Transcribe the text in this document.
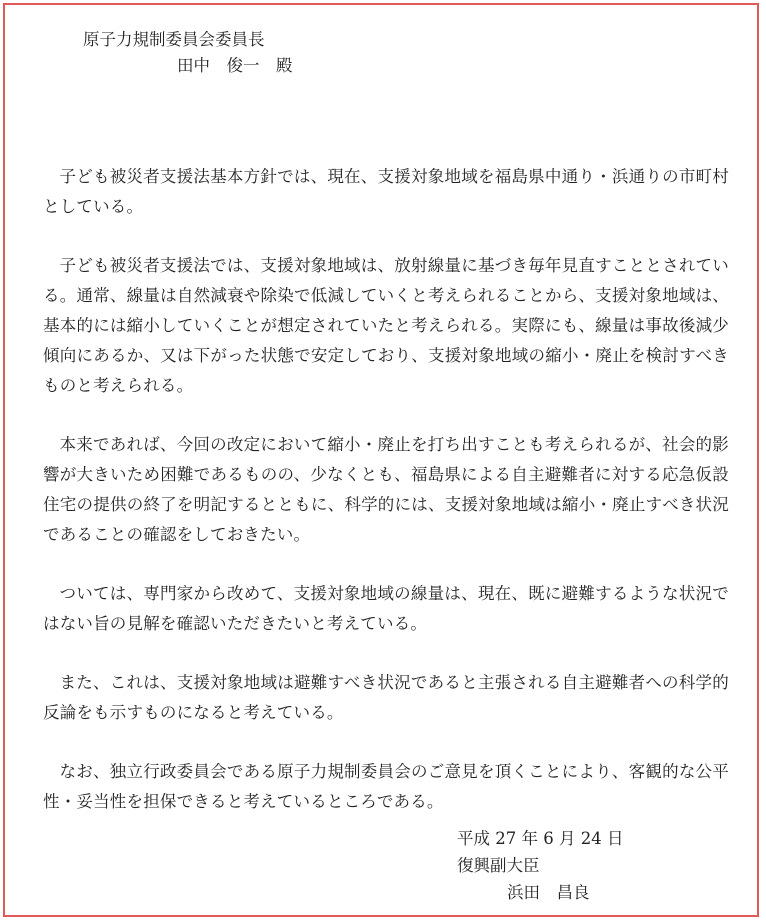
原子力規制委員会委員長
田中　俊一　殿

子ども被災者支援法基本方針では、現在、支援対象地域を福島県中通り・浜通りの市町村としている。

子ども被災者支援法では、支援対象地域は、放射線量に基づき毎年見直すこととされている。通常、線量は自然減衰や除染で低減していくと考えられることから、支援対象地域は、基本的には縮小していくことが想定されていたと考えられる。実際にも、線量は事故後減少傾向にあるか、又は下がった状態で安定しており、支援対象地域の縮小・廃止を検討すべきものと考えられる。

本来であれば、今回の改定において縮小・廃止を打ち出すことも考えられるが、社会的影響が大きいため困難であるものの、少なくとも、福島県による自主避難者に対する応急仮設住宅の提供の終了を明記するとともに、科学的には、支援対象地域は縮小・廃止すべき状況であることの確認をしておきたい。

ついては、専門家から改めて、支援対象地域の線量は、現在、既に避難するような状況ではない旨の見解を確認いただきたいと考えている。

また、これは、支援対象地域は避難すべき状況であると主張される自主避難者への科学的反論をも示すものになると考えている。

なお、独立行政委員会である原子力規制委員会のご意見を頂くことにより、客観的な公平性・妥当性を担保できると考えているところである。

平成 27 年 6 月 24 日
復興副大臣
浜田　昌良
